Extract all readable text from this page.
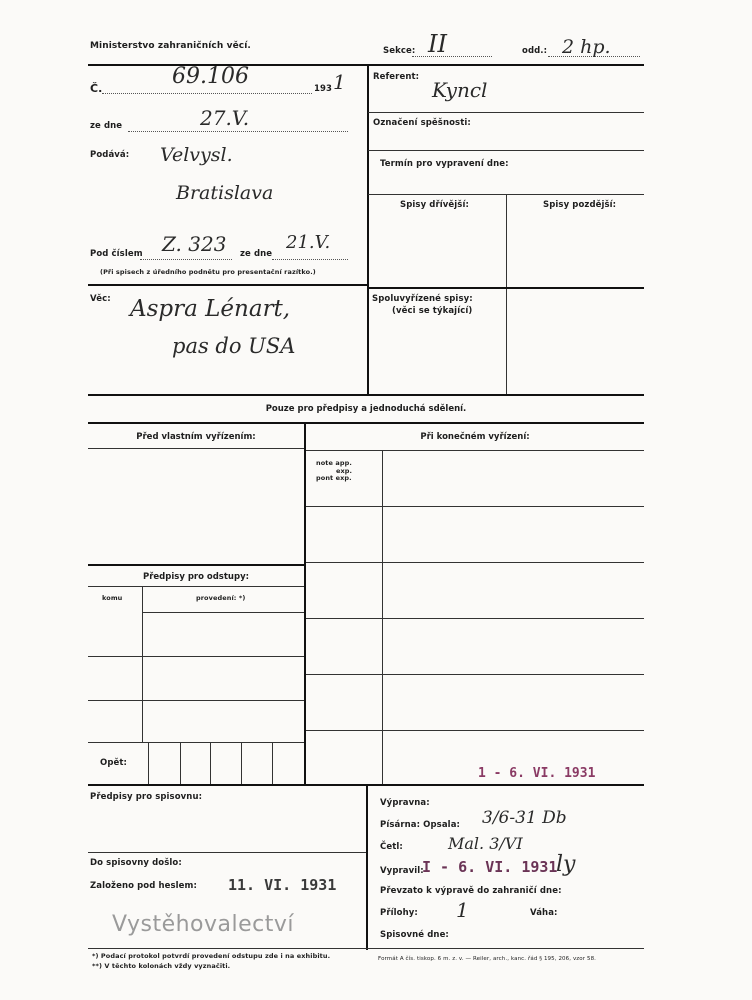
Ministerstvo zahraničních věcí.	Sekce: II	odd.: 2 hp.
Č.	69.106	193 1
ze dne	27.V.
Podává: Velvysl.
Bratislava
Pod číslem Z. 323 ze dne
21.V.
(Při spisech z úředního podnětu pro presentační razítko.)
Věc: Aspra Lénart,
pas do USA
Referent:
Kyncl
Označení spěšnosti:
Termín pro vypravení dne:
Spisy dřívější:	Spisy pozdější:
Spoluvyřízené spisy:
(věci se týkající)
Pouze pro předpisy a jednoduchá sdělení.
Před vlastním vyřízením:	Při konečném vyřízení:
note app.
exp.
pont exp.
Předpisy pro odstupy:
komu	provedení: *)
Opět:
Předpisy pro spisovnu:
Do spisovny došlo:
Založeno pod heslem: 11. VI. 1931
Vystěhovalectví
*) Podací protokol potvrdí provedení odstupu zde i na exhibitu.
**) V těchto kolonách vždy vyznačiti.
1 - 6. VI. 1931
Výpravna:
Písárna: Opsala: 3/6-31 Db
Četl:	Mal. 3/VI
Vypravil:
I - 6. VI. 1931
ly
Převzato k výpravě do zahraničí dne:
Přílohy: 1	Váha:
Spisovné dne:
Formát A čís. tiskop. 6 m. z. v. — Reiler, arch., kanc. řád § 195, 206, vzor 58.
